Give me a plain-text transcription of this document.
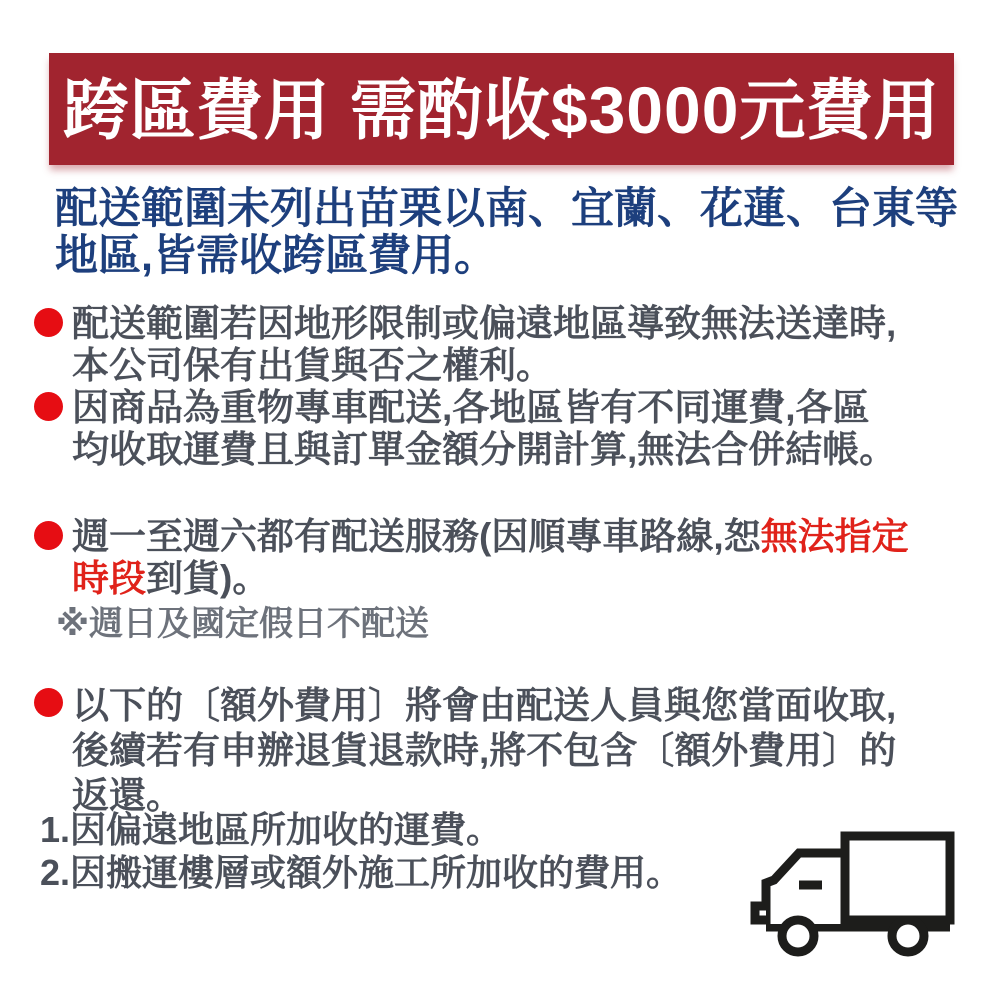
跨區費用 需酌收$3000元費用
配送範圍未列出苗栗以南、宜蘭、花蓮、台東等
地區,皆需收跨區費用。
配送範圍若因地形限制或偏遠地區導致無法送達時,
本公司保有出貨與否之權利。
因商品為重物專車配送,各地區皆有不同運費,各區
均收取運費且與訂單金額分開計算,無法合併結帳。
週一至週六都有配送服務(因順專車路線,恕無法指定
時段到貨)。
※週日及國定假日不配送
以下的〔額外費用〕將會由配送人員與您當面收取,
後續若有申辦退貨退款時,將不包含〔額外費用〕的
返還。
1.因偏遠地區所加收的運費。
2.因搬運樓層或額外施工所加收的費用。
